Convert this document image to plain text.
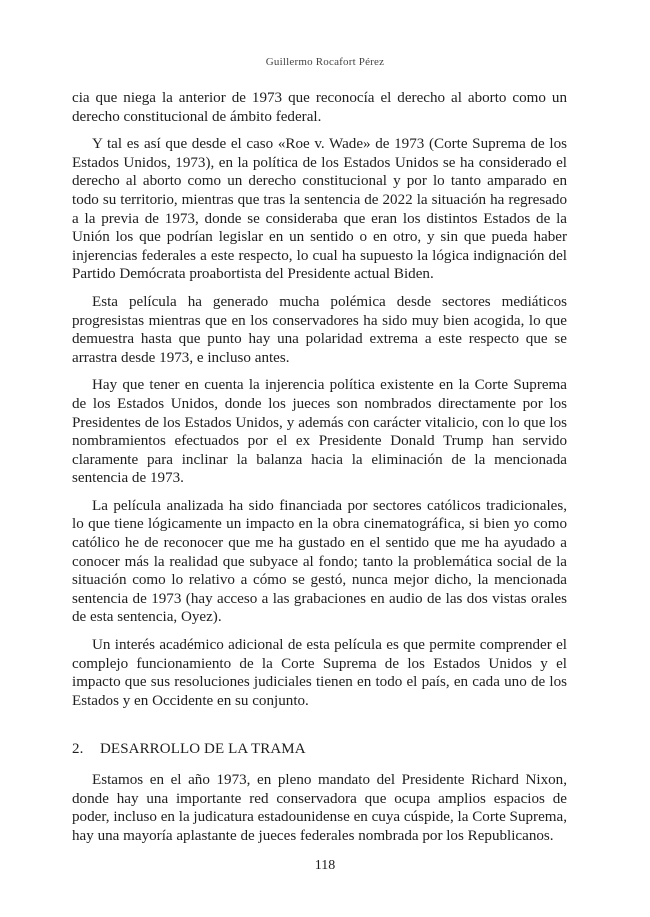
Guillermo Rocafort Pérez

cia que niega la anterior de 1973 que reconocía el derecho al aborto como un derecho constitucional de ámbito federal.

Y tal es así que desde el caso «Roe v. Wade» de 1973 (Corte Suprema de los Estados Unidos, 1973), en la política de los Estados Unidos se ha considerado el derecho al aborto como un derecho constitucional y por lo tanto amparado en todo su territorio, mientras que tras la sentencia de 2022 la situación ha regresado a la previa de 1973, donde se consideraba que eran los distintos Estados de la Unión los que podrían legislar en un sentido o en otro, y sin que pueda haber injerencias federales a este respecto, lo cual ha supuesto la lógica indignación del Partido Demócrata proabortista del Presidente actual Biden.

Esta película ha generado mucha polémica desde sectores mediáticos progresistas mientras que en los conservadores ha sido muy bien acogida, lo que demuestra hasta que punto hay una polaridad extrema a este respecto que se arrastra desde 1973, e incluso antes.

Hay que tener en cuenta la injerencia política existente en la Corte Suprema de los Estados Unidos, donde los jueces son nombrados directamente por los Presidentes de los Estados Unidos, y además con carácter vitalicio, con lo que los nombramientos efectuados por el ex Presidente Donald Trump han servido claramente para inclinar la balanza hacia la eliminación de la mencionada sentencia de 1973.

La película analizada ha sido financiada por sectores católicos tradicionales, lo que tiene lógicamente un impacto en la obra cinematográfica, si bien yo como católico he de reconocer que me ha gustado en el sentido que me ha ayudado a conocer más la realidad que subyace al fondo; tanto la problemática social de la situación como lo relativo a cómo se gestó, nunca mejor dicho, la mencionada sentencia de 1973 (hay acceso a las grabaciones en audio de las dos vistas orales de esta sentencia, Oyez).

Un interés académico adicional de esta película es que permite comprender el complejo funcionamiento de la Corte Suprema de los Estados Unidos y el impacto que sus resoluciones judiciales tienen en todo el país, en cada uno de los Estados y en Occidente en su conjunto.

2. DESARROLLO DE LA TRAMA

Estamos en el año 1973, en pleno mandato del Presidente Richard Nixon, donde hay una importante red conservadora que ocupa amplios espacios de poder, incluso en la judicatura estadounidense en cuya cúspide, la Corte Suprema, hay una mayoría aplastante de jueces federales nombrada por los Republicanos.

118
